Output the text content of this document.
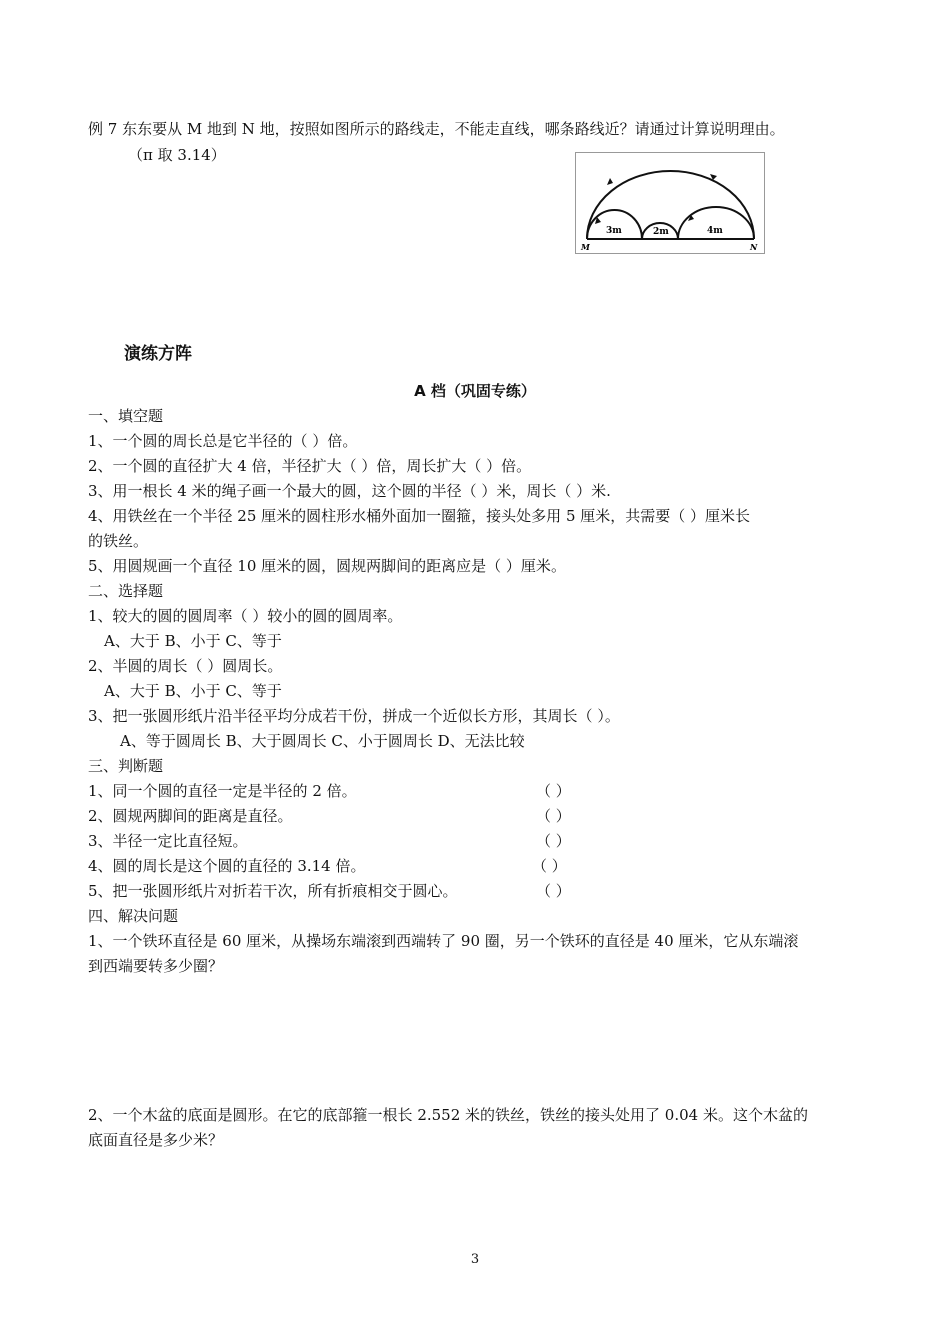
例 7 东东要从 M 地到 N 地，按照如图所示的路线走，不能走直线，哪条路线近？请通过计算说明理由。
（π 取 3.14）
3m	2m	4m
M	N
演练方阵
A 档（巩固专练）
一、填空题
1、一个圆的周长总是它半径的（ ）倍。
2、一个圆的直径扩大 4 倍，半径扩大（ ）倍，周长扩大（ ）倍。
3、用一根长 4 米的绳子画一个最大的圆，这个圆的半径（ ）米，周长（ ）米.
4、用铁丝在一个半径 25 厘米的圆柱形水桶外面加一圈箍，接头处多用 5 厘米，共需要（ ）厘米长
的铁丝。
5、用圆规画一个直径 10 厘米的圆，圆规两脚间的距离应是（ ）厘米。
二、选择题
1、较大的圆的圆周率（ ）较小的圆的圆周率。
A、大于 B、小于 C、等于
2、半圆的周长（ ）圆周长。
A、大于 B、小于 C、等于
3、把一张圆形纸片沿半径平均分成若干份，拼成一个近似长方形，其周长（ ）。
A、等于圆周长 B、大于圆周长 C、小于圆周长 D、无法比较
三、判断题
1、同一个圆的直径一定是半径的 2 倍。	（ ）
2、圆规两脚间的距离是直径。	（ ）
3、半径一定比直径短。	（ ）
4、圆的周长是这个圆的直径的 3.14 倍。	（ ）
5、把一张圆形纸片对折若干次，所有折痕相交于圆心。	（ ）
四、解决问题
1、一个铁环直径是 60 厘米，从操场东端滚到西端转了 90 圈，另一个铁环的直径是 40 厘米，它从东端滚
到西端要转多少圈？
2、一个木盆的底面是圆形。在它的底部箍一根长 2.552 米的铁丝，铁丝的接头处用了 0.04 米。这个木盆的
底面直径是多少米？
3
